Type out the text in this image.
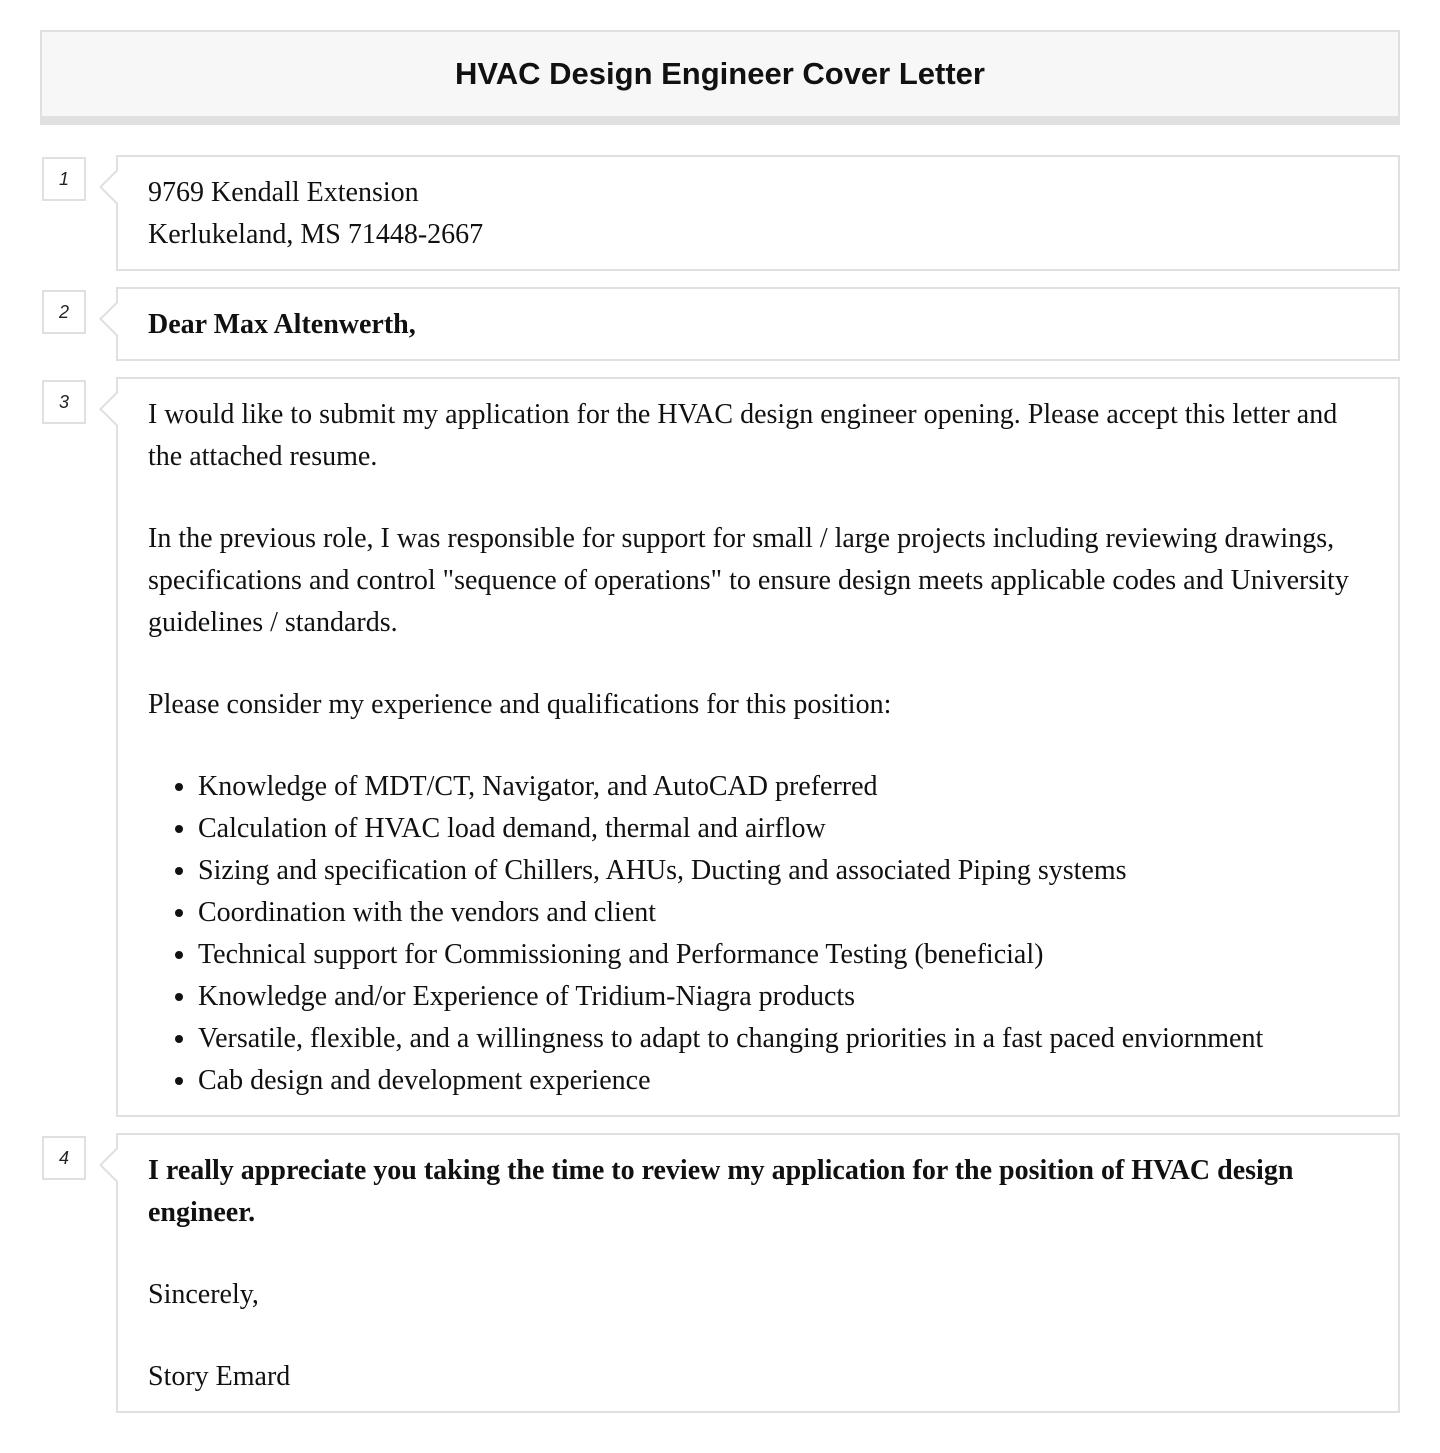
HVAC Design Engineer Cover Letter
1	9769 Kendall Extension

Kerlukeland, MS 71448-2667

2	Dear Max Altenwerth,

3	I would like to submit my application for the HVAC design engineer opening. Please accept this letter and the attached resume.

In the previous role, I was responsible for support for small / large projects including reviewing drawings, specifications and control "sequence of operations" to ensure design meets applicable codes and University guidelines / standards.

Please consider my experience and qualifications for this position:

• Knowledge of MDT/CT, Navigator, and AutoCAD preferred
• Calculation of HVAC load demand, thermal and airflow
• Sizing and specification of Chillers, AHUs, Ducting and associated Piping systems
• Coordination with the vendors and client
• Technical support for Commissioning and Performance Testing (beneficial)
• Knowledge and/or Experience of Tridium-Niagra products
• Versatile, flexible, and a willingness to adapt to changing priorities in a fast paced enviornment
• Cab design and development experience
4	I really appreciate you taking the time to review my application for the position of HVAC design engineer.

Sincerely,

Story Emard
